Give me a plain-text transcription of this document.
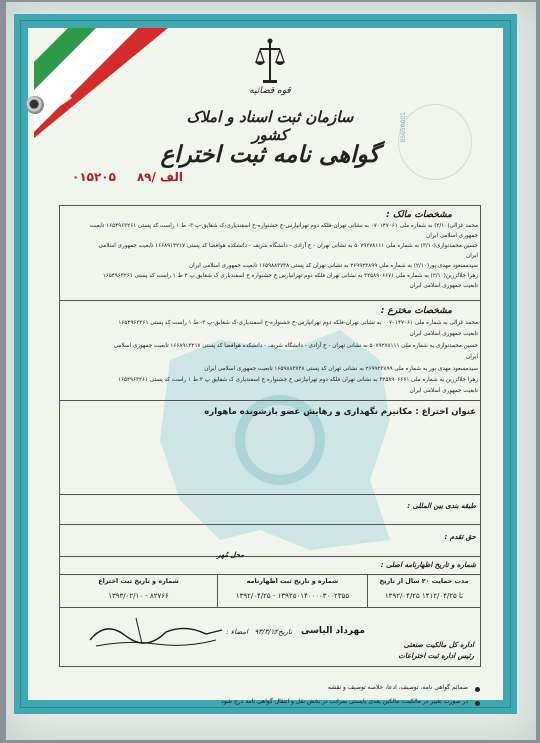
05050001
قوه قضائیه
سازمان ثبت اسناد و املاک کشور
گواهی نامه ثبت اختراع
الف /۸۹     ۰۱۵۲۰۵
مشخصات مالک :
محمد غزالی(۳/۱۰) به شماره ملی ۰۷۰۱۴۷۰۶۱ به نشانی تهران-فلکه دوم تهرانپارس-خ جشنواره-خ اسفندیاری-ک شقایق-پ ۳- ط ۱ راست کد پستی ۱۶۵۴۹۶۳۲۶۱ تابعیت
جمهوری اسلامی ایران
حسین محمدنوازی(۳/۱۰) به شماره ملی ۵۰۷۹۲۷۸۱۱۱ به نشانی تهران - خ آزادی - دانشگاه شریف - دانشکده هوافضا کد پستی ۱۶۶۸۹۱۳۲۱۷ تابعیت جمهوری اسلامی
ایران
سیدمسعود مهدی پور(۲/۱۰) به شماره ملی ۲۶۹۹۲۳۸۹۹ به نشانی تهران کد پستی ۱۶۵۹۸۸۳۷۳۸ تابعیت جمهوری اسلامی ایران
زهرا جلالزرین(۲/۱۰) به شماره ملی ۳۲۵۸۹۰۶۶۷۱ به نشانی تهران فلکه دوم تهرانپارس خ جشنواره خ اسفندیاری ک شقایق پ ۳ ط ۱ راست کد پستی ۱۶۵۴۹۶۳۲۶۱
تابعیت جمهوری اسلامی ایران
مشخصات مخترع :
محمد غزالی به شماره ملی ۰۰۷۰۱۴۷۰۶۱ به نشانی تهران-فلکه دوم تهرانپارس-خ جشنواره-خ اسفندیاری-ک شقایق-پ ۳- ط ۱ راست کد پستی ۱۶۵۴۹۶۳۲۶۱
تابعیت جمهوری اسلامی ایران
حسین محمدنوازی به شماره ملی ۵۰۷۹۲۷۸۱۱۱ به نشانی تهران - خ آزادی - دانشگاه شریف - دانشکده هوافضا کد پستی ۱۶۶۸۹۱۳۲۱۷ تابعیت جمهوری اسلامی
ایران
سیدمسعود مهدی پور به شماره ملی ۲۶۹۹۲۳۸۹۹ به نشانی تهران کد پستی ۱۶۵۹۸۸۳۷۳۸ تابعیت جمهوری اسلامی ایران
زهرا جلالزرین به شماره ملی ۳۲۵۸۹۰۶۶۷۱ به نشانی تهران فلکه دوم تهرانپارس خ جشنواره خ اسفندیاری ک شقایق پ ۳ ط ۱ راست کد پستی ۱۶۵۴۹۶۳۲۶۱
تابعیت جمهوری اسلامی ایران
عنوان اختراع : مکانیزم نگهداری و رهایش عضو بازشونده ماهواره
طبقه بندی بین المللی :
حق تقدم :
شماره و تاریخ اظهارنامه اصلی :
محل مُهر
مدت حمایت ۲۰ سال از تاریخ
۱۳۹۲/۰۴/۲۵ تا ۱۴۱۲/۰۴/۲۵
شماره و تاریخ ثبت اظهارنامه
۱۳۹۲/۰۴/۲۵ - ۱۳۹۲۵۰۱۴۰۰۰۰۳۰۰۲۳۵۵
شماره و تاریخ ثبت اختراع
۱۳۹۳/۰۲/۱۰ - ۸۲۷۶۶
امضاء :	تاریخ :
۹۳/۳/۱۲	مهرداد الیاسی
اداره کل مالکیت صنعتی
رئیس اداره ثبت اختراعات
ضمائم گواهی نامه، توصیف، ادعا، خلاصه توصیف و نقشه
در صورت تغییر در مالکیت، مالکین بعدی بایستی بمراتب در بخش نقل و انتقال گواهی نامه درج شود
